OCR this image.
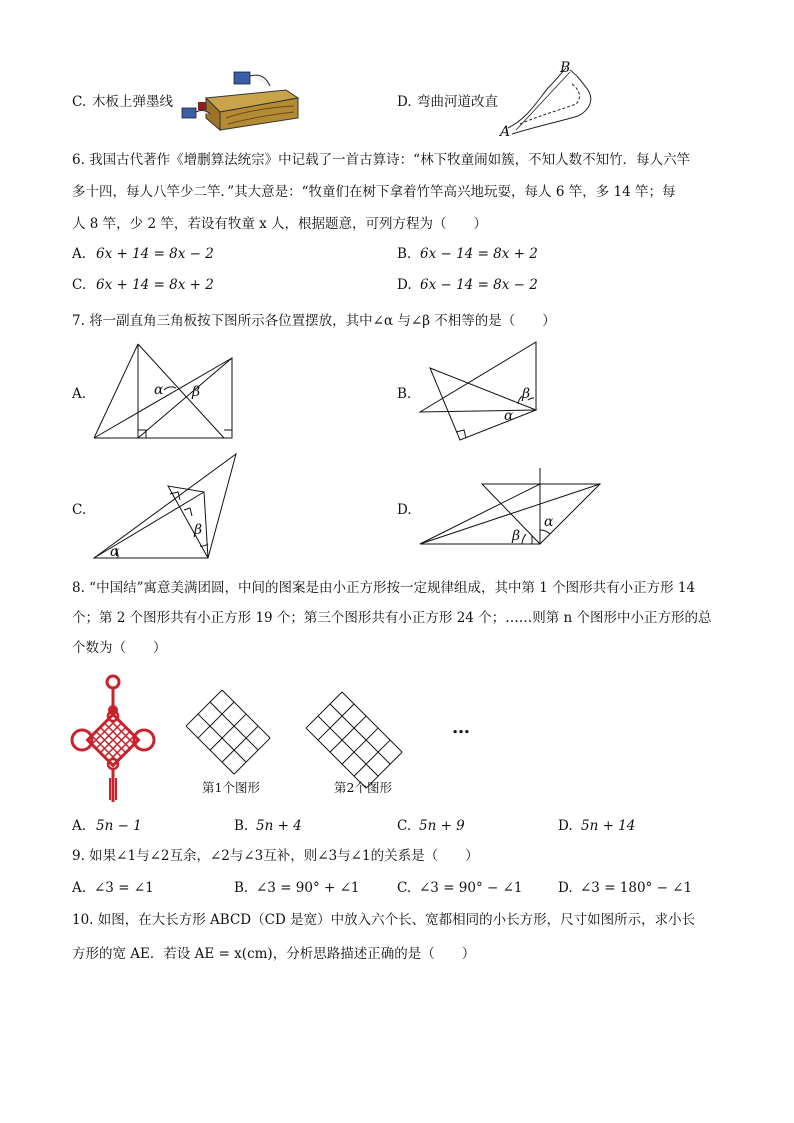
C. 木板上弹墨线	D. 弯曲河道改直
B
A
6. 我国古代著作《增删算法统宗》中记载了一首古算诗：“林下牧童闹如簇，不知人数不知竹．每人六竿
多十四，每人八竿少二竿．”其大意是：“牧童们在树下拿着竹竿高兴地玩耍，每人 6 竿，多 14 竿；每
人 8 竿，少 2 竿，若设有牧童 x 人，根据题意，可列方程为（　　）
A. 6x + 14 = 8x − 2	B. 6x − 14 = 8x + 2
C. 6x + 14 = 8x + 2	D. 6x − 14 = 8x − 2
7. 将一副直角三角板按下图所示各位置摆放，其中∠α 与∠β 不相等的是（　　）
A.	α β	B.	β
α
C.
α
β
D.
β
α
8. “中国结”寓意美满团圆，中间的图案是由小正方形按一定规律组成，其中第 1 个图形共有小正方形 14
个；第 2 个图形共有小正方形 19 个；第三个图形共有小正方形 24 个；……则第 n 个图形中小正方形的总
个数为（　　）
第1个图形	第2个图形
…
A. 5n − 1	B. 5n + 4	C. 5n + 9	D. 5n + 14
9. 如果∠1与∠2互余，∠2与∠3互补，则∠3与∠1的关系是（　　）
A. ∠3 = ∠1	B. ∠3 = 90° + ∠1	C. ∠3 = 90° − ∠1	D. ∠3 = 180° − ∠1
10. 如图，在大长方形 ABCD（CD 是宽）中放入六个长、宽都相同的小长方形，尺寸如图所示，求小长
方形的宽 AE．若设 AE = x(cm)，分析思路描述正确的是（　　）
